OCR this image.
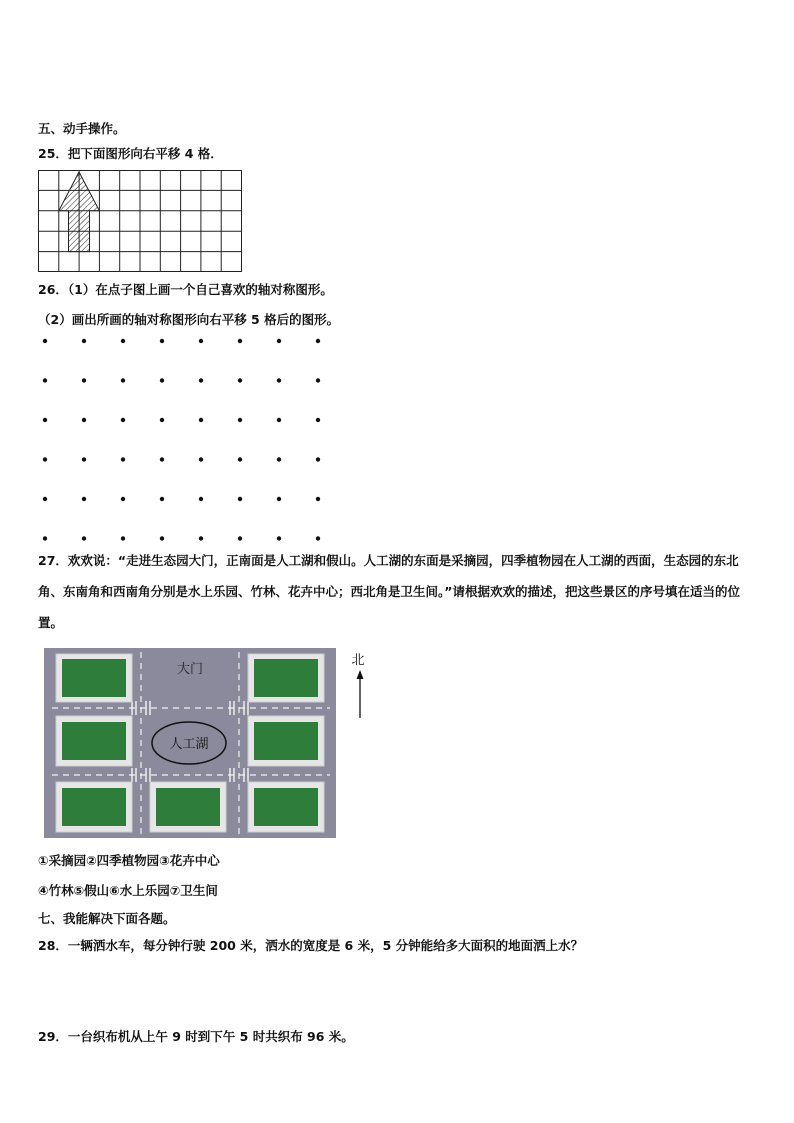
五、动手操作。
25．把下面图形向右平移 4 格．
26．（1）在点子图上画一个自己喜欢的轴对称图形。
（2）画出所画的轴对称图形向右平移 5 格后的图形。
27．欢欢说：“走进生态园大门，正南面是人工湖和假山。人工湖的东面是采摘园，四季植物园在人工湖的西面，生态园的东北角、东南角和西南角分别是水上乐园、竹林、花卉中心；西北角是卫生间。”请根据欢欢的描述，把这些景区的序号填在适当的位置。
大门
人工湖
北
①采摘园②四季植物园③花卉中心
④竹林⑤假山⑥水上乐园⑦卫生间
七、我能解决下面各题。
28．一辆洒水车，每分钟行驶 200 米，洒水的宽度是 6 米，5 分钟能给多大面积的地面洒上水？
29．一台织布机从上午 9 时到下午 5 时共织布 96 米。
